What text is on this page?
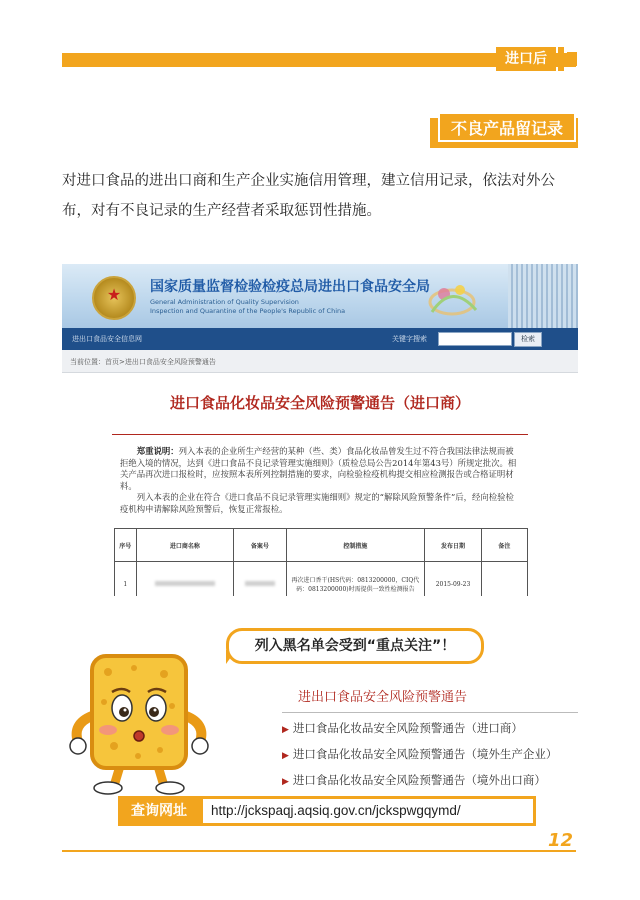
进口后
不良产品留记录
对进口食品的进出口商和生产企业实施信用管理，建立信用记录，依法对外公布，对有不良记录的生产经营者采取惩罚性措施。
★ 国家质量监督检验检疫总局进出口食品安全局
General Administration of Quality Supervision
Inspection and Quarantine of the People's Republic of China
进出口食品安全信息网	关键字搜索	检索
当前位置：首页>进出口食品安全风险预警通告
进口食品化妆品安全风险预警通告（进口商）
郑重说明：列入本表的企业所生产经营的某种（些、类）食品化妆品曾发生过不符合我国法律法规而被拒绝入境的情况，达到《进口食品不良记录管理实施细则》（质检总局公告2014年第43号）所规定批次。相关产品再次进口报检时，应按照本表所列控制措施的要求，向检验检疫机构提交相应检测报告或合格证明材料。
列入本表的企业在符合《进口食品不良记录管理实施细则》规定的“解除风险预警条件”后，经向检验检疫机构申请解除风险预警后，恢复正常报检。
序号	进口商名称	备案号	控制措施	发布日期	备注
1			再次进口香干(HS代码：0813200000，CIQ代码：0813200000)时需提供一致性检测报告	2015-09-23	
列入黑名单会受到“重点关注”！
进出口食品安全风险预警通告
▶ 进口食品化妆品安全风险预警通告（进口商）
▶ 进口食品化妆品安全风险预警通告（境外生产企业）
▶ 进口食品化妆品安全风险预警通告（境外出口商）
查询网址	http://jckspaqj.aqsiq.gov.cn/jckspwgqymd/
12
